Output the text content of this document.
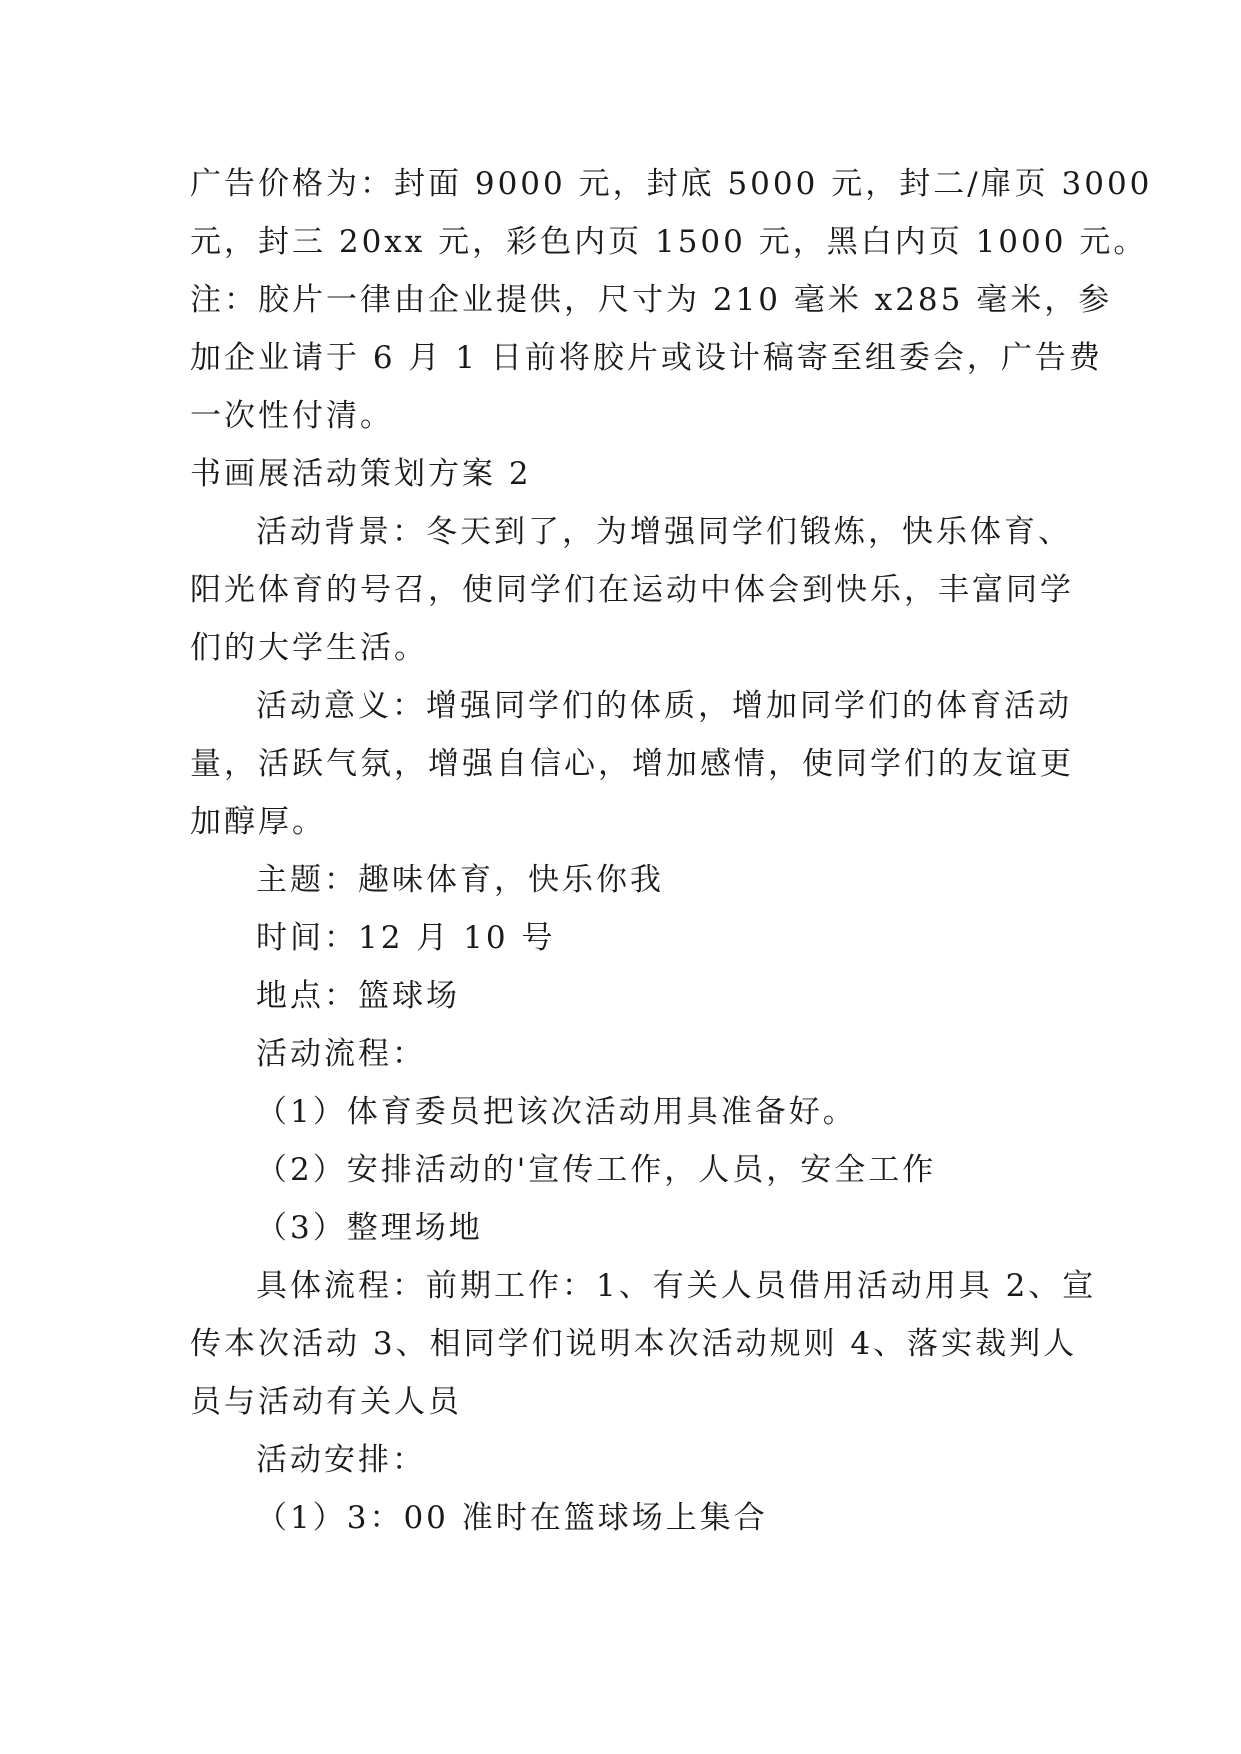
广告价格为：封面 9000 元，封底 5000 元，封二/扉页 3000
元，封三 20xx 元，彩色内页 1500 元，黑白内页 1000 元。
注：胶片一律由企业提供，尺寸为 210 毫米 x285 毫米，参
加企业请于 6 月 1 日前将胶片或设计稿寄至组委会，广告费
一次性付清。
书画展活动策划方案 2
活动背景：冬天到了，为增强同学们锻炼，快乐体育、
阳光体育的号召，使同学们在运动中体会到快乐，丰富同学
们的大学生活。
活动意义：增强同学们的体质，增加同学们的体育活动
量，活跃气氛，增强自信心，增加感情，使同学们的友谊更
加醇厚。
主题：趣味体育，快乐你我
时间：12 月 10 号
地点：篮球场
活动流程：
（1）体育委员把该次活动用具准备好。
（2）安排活动的'宣传工作，人员，安全工作
（3）整理场地
具体流程：前期工作：1、有关人员借用活动用具 2、宣
传本次活动 3、相同学们说明本次活动规则 4、落实裁判人
员与活动有关人员
活动安排：
（1）3：00 准时在篮球场上集合
